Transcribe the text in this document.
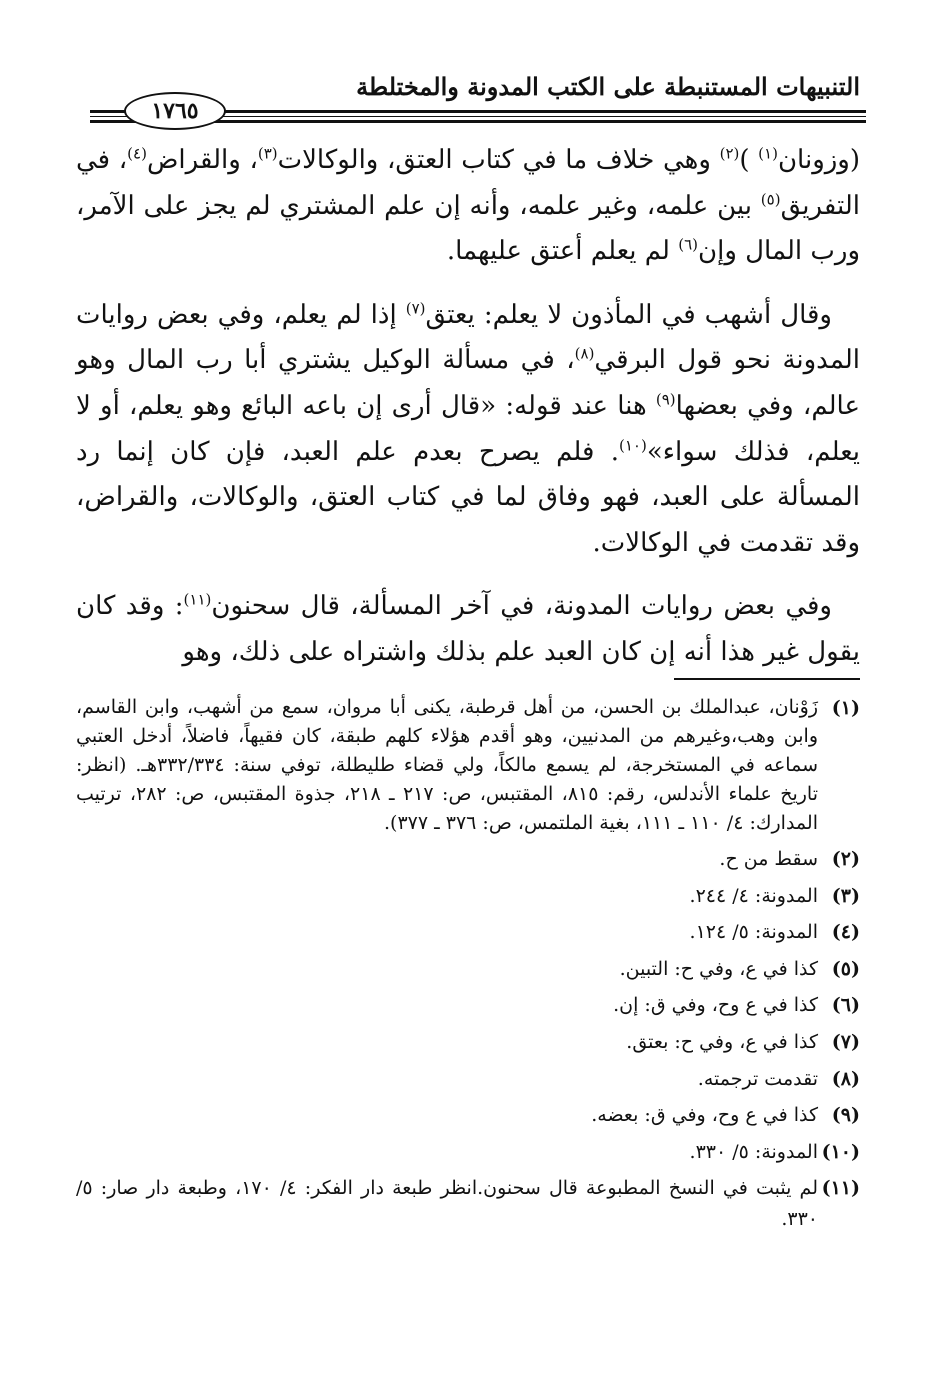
التنبيهات المستنبطة على الكتب المدونة والمختلطة
١٧٦٥

(وزونان$^{(١)}$ )$^{(٢)}$ وهي خلاف ما في كتاب العتق، والوكالات$^{(٣)}$، والقراض$^{(٤)}$، في التفريق$^{(٥)}$ بين علمه، وغير علمه، وأنه إن علم المشتري لم يجز على الآمر، ورب المال وإن$^{(٦)}$ لم يعلم أعتق عليهما.

وقال أشهب في المأذون لا يعلم: يعتق$^{(٧)}$ إذا لم يعلم، وفي بعض روايات المدونة نحو قول البرقي$^{(٨)}$، في مسألة الوكيل يشتري أبا رب المال وهو عالم، وفي بعضها$^{(٩)}$ هنا عند قوله: «قال أرى إن باعه البائع وهو يعلم، أو لا يعلم، فذلك سواء»$^{(١٠)}$. فلم يصرح بعدم علم العبد، فإن كان إنما رد المسألة على العبد، فهو وفاق لما في كتاب العتق، والوكالات، والقراض، وقد تقدمت في الوكالات.

وفي بعض روايات المدونة، في آخر المسألة، قال سحنون$^{(١١)}$: وقد كان يقول غير هذا أنه إن كان العبد علم بذلك واشتراه على ذلك، وهو

(١)
زَوْنان، عبدالملك بن الحسن، من أهل قرطبة، يكنى أبا مروان، سمع من أشهب، وابن القاسم، وابن وهب،وغيرهم من المدنيين، وهو أقدم هؤلاء كلهم طبقة، كان فقيهاً، فاضلاً، أدخل العتبي سماعه في المستخرجة، لم يسمع مالكاً، ولي قضاء طليطلة، توفي سنة: ٣٣٢/٣٣٤هـ. (انظر: تاريخ علماء الأندلس، رقم: ٨١٥، المقتبس، ص: ٢١٧ ـ ٢١٨، جذوة المقتبس، ص: ٢٨٢، ترتيب المدارك: ٤/ ١١٠ ـ ١١١، بغية الملتمس، ص: ٣٧٦ ـ ٣٧٧).
(٢)
سقط من ح.
(٣)
المدونة: ٤/ ٢٤٤.
(٤)
المدونة: ٥/ ١٢٤.
(٥)
كذا في ع، وفي ح: التبين.
(٦)
كذا في ع وح، وفي ق: إن.
(٧)
كذا في ع، وفي ح: بعتق.
(٨)
تقدمت ترجمته.
(٩)
كذا في ع وح، وفي ق: بعضه.
(١٠)
المدونة: ٥/ ٣٣٠.
(١١)
لم يثبت في النسخ المطبوعة قال سحنون.انظر طبعة دار الفكر: ٤/ ١٧٠، وطبعة دار صار: ٥/ ٣٣٠.
